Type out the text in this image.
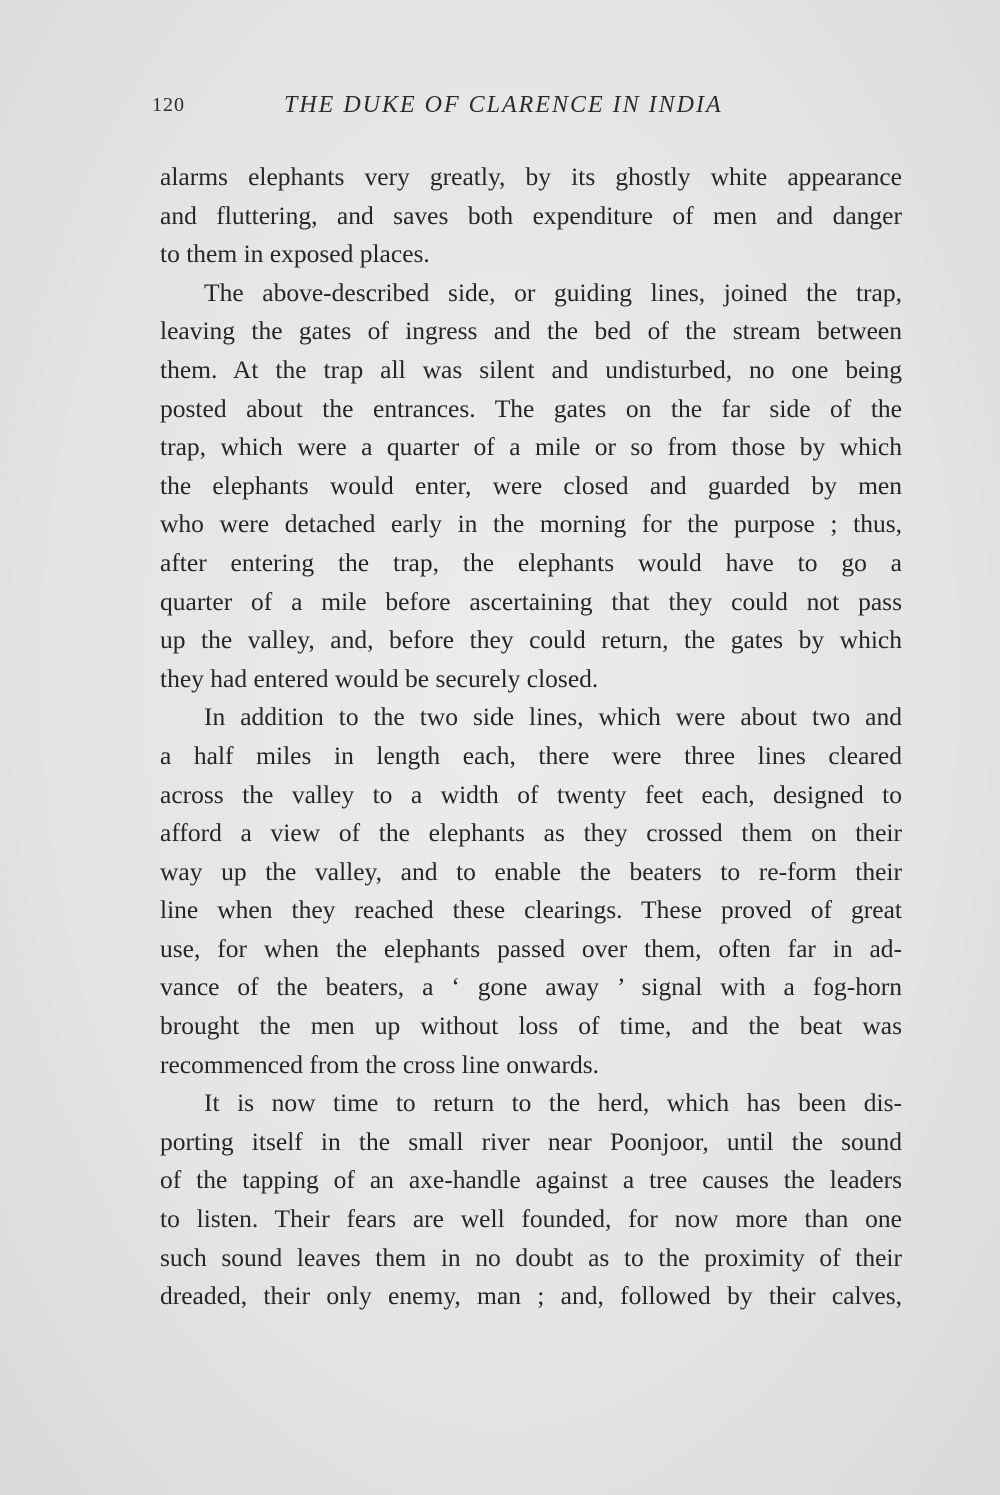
120	THE DUKE OF CLARENCE IN INDIA
alarms elephants very greatly, by its ghostly white appearance
and fluttering, and saves both expenditure of men and danger
to them in exposed places.
The above-described side, or guiding lines, joined the trap,
leaving the gates of ingress and the bed of the stream between
them. At the trap all was silent and undisturbed, no one being
posted about the entrances. The gates on the far side of the
trap, which were a quarter of a mile or so from those by which
the elephants would enter, were closed and guarded by men
who were detached early in the morning for the purpose ; thus,
after entering the trap, the elephants would have to go a
quarter of a mile before ascertaining that they could not pass
up the valley, and, before they could return, the gates by which
they had entered would be securely closed.
In addition to the two side lines, which were about two and
a half miles in length each, there were three lines cleared
across the valley to a width of twenty feet each, designed to
afford a view of the elephants as they crossed them on their
way up the valley, and to enable the beaters to re-form their
line when they reached these clearings. These proved of great
use, for when the elephants passed over them, often far in ad-
vance of the beaters, a ‘ gone away ’ signal with a fog-horn
brought the men up without loss of time, and the beat was
recommenced from the cross line onwards.
It is now time to return to the herd, which has been dis-
porting itself in the small river near Poonjoor, until the sound
of the tapping of an axe-handle against a tree causes the leaders
to listen. Their fears are well founded, for now more than one
such sound leaves them in no doubt as to the proximity of their
dreaded, their only enemy, man ; and, followed by their calves,
